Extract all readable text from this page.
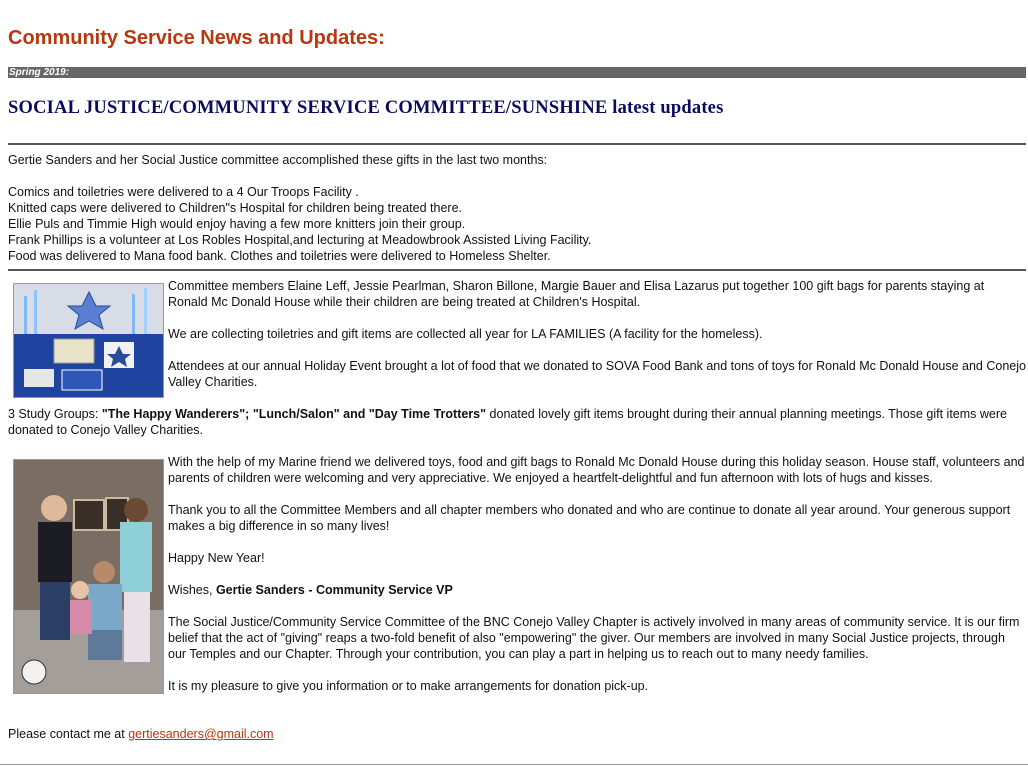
Community Service News and Updates:
Spring 2019:
SOCIAL JUSTICE/COMMUNITY SERVICE COMMITTEE/SUNSHINE latest updates

Gertie Sanders and her Social Justice committee accomplished these gifts in the last two months:

Comics and toiletries were delivered to a 4 Our Troops Facility .

Knitted caps were delivered to Children"s Hospital for children being treated there.

Ellie Puls and Timmie High would enjoy having a few more knitters join their group.

Frank Phillips is a volunteer at Los Robles Hospital,and lecturing at Meadowbrook Assisted Living Facility.

Food was delivered to Mana food bank. Clothes and toiletries were delivered to Homeless Shelter.

Committee members Elaine Leff, Jessie Pearlman, Sharon Billone, Margie Bauer and Elisa Lazarus put together 100 gift bags for parents staying at Ronald Mc Donald House while their children are being treated at Children's Hospital.

We are collecting toiletries and gift items are collected all year for LA FAMILIES (A facility for the homeless).

Attendees at our annual Holiday Event brought a lot of food that we donated to SOVA Food Bank and tons of toys for Ronald Mc Donald House and Conejo Valley Charities.

3 Study Groups: "The Happy Wanderers"; "Lunch/Salon" and "Day Time Trotters" donated lovely gift items brought during their annual planning meetings. Those gift items were donated to Conejo Valley Charities.

With the help of my Marine friend we delivered toys, food and gift bags to Ronald Mc Donald House during this holiday season. House staff, volunteers and parents of children were welcoming and very appreciative. We enjoyed a heartfelt-delightful and fun afternoon with lots of hugs and kisses.

Thank you to all the Committee Members and all chapter members who donated and who are continue to donate all year around. Your generous support makes a big difference in so many lives!

Happy New Year!

Wishes, Gertie Sanders - Community Service VP

The Social Justice/Community Service Committee of the BNC Conejo Valley Chapter is actively involved in many areas of community service. It is our firm belief that the act of "giving" reaps a two-fold benefit of also "empowering" the giver. Our members are involved in many Social Justice projects, through our Temples and our Chapter. Through your contribution, you can play a part in helping us to reach out to many needy families.

It is my pleasure to give you information or to make arrangements for donation pick-up.

Please contact me at gertiesanders@gmail.com
